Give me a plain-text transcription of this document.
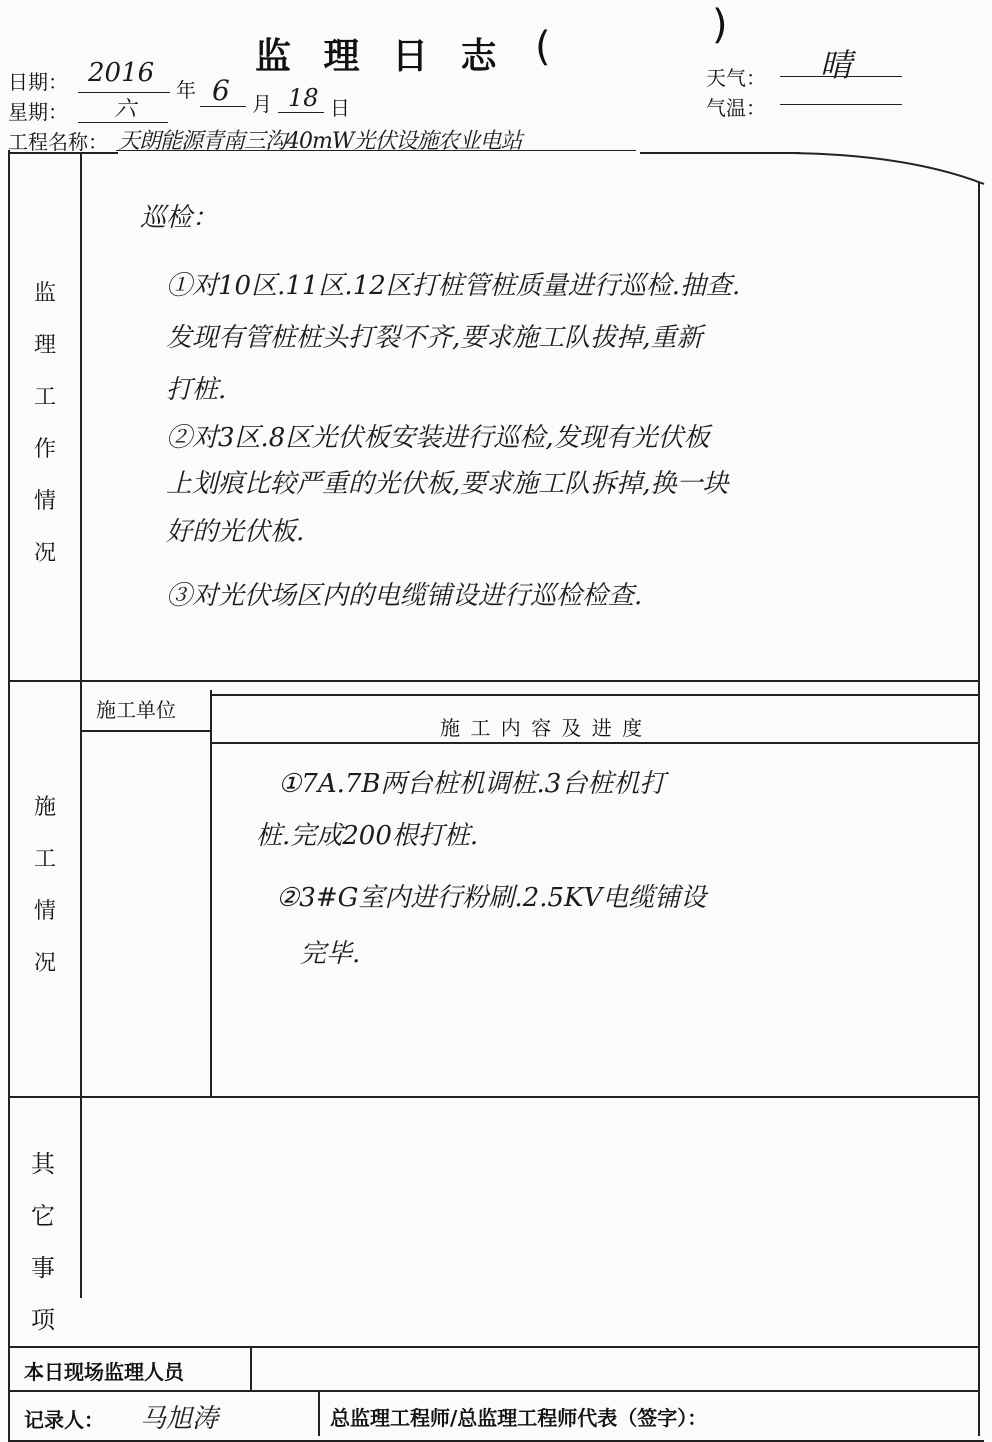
监 理 日 志 (	)
日期： 2016
年 6 月 18 日
星期： 六
天气： 晴
气温：
工程名称： 天朗能源青南三沟40mW光伏设施农业电站
监
理
工
作
情
况
巡检：
①对10区.11区.12区打桩管桩质量进行巡检.抽查.
发现有管桩桩头打裂不齐,要求施工队拔掉,重新
打桩.
②对3区.8区光伏板安装进行巡检,发现有光伏板
上划痕比较严重的光伏板,要求施工队拆掉,换一块
好的光伏板.
③对光伏场区内的电缆铺设进行巡检检查.
施工单位
施 工 内 容 及 进 度
施
工
情
况
①7A.7B两台桩机调桩.3台桩机打
桩.完成200根打桩.
②3#G室内进行粉刷.2.5KV电缆铺设
完毕.
其
它
事
项
本日现场监理人员
记录人： 马旭涛	总监理工程师/总监理工程师代表（签字）：
